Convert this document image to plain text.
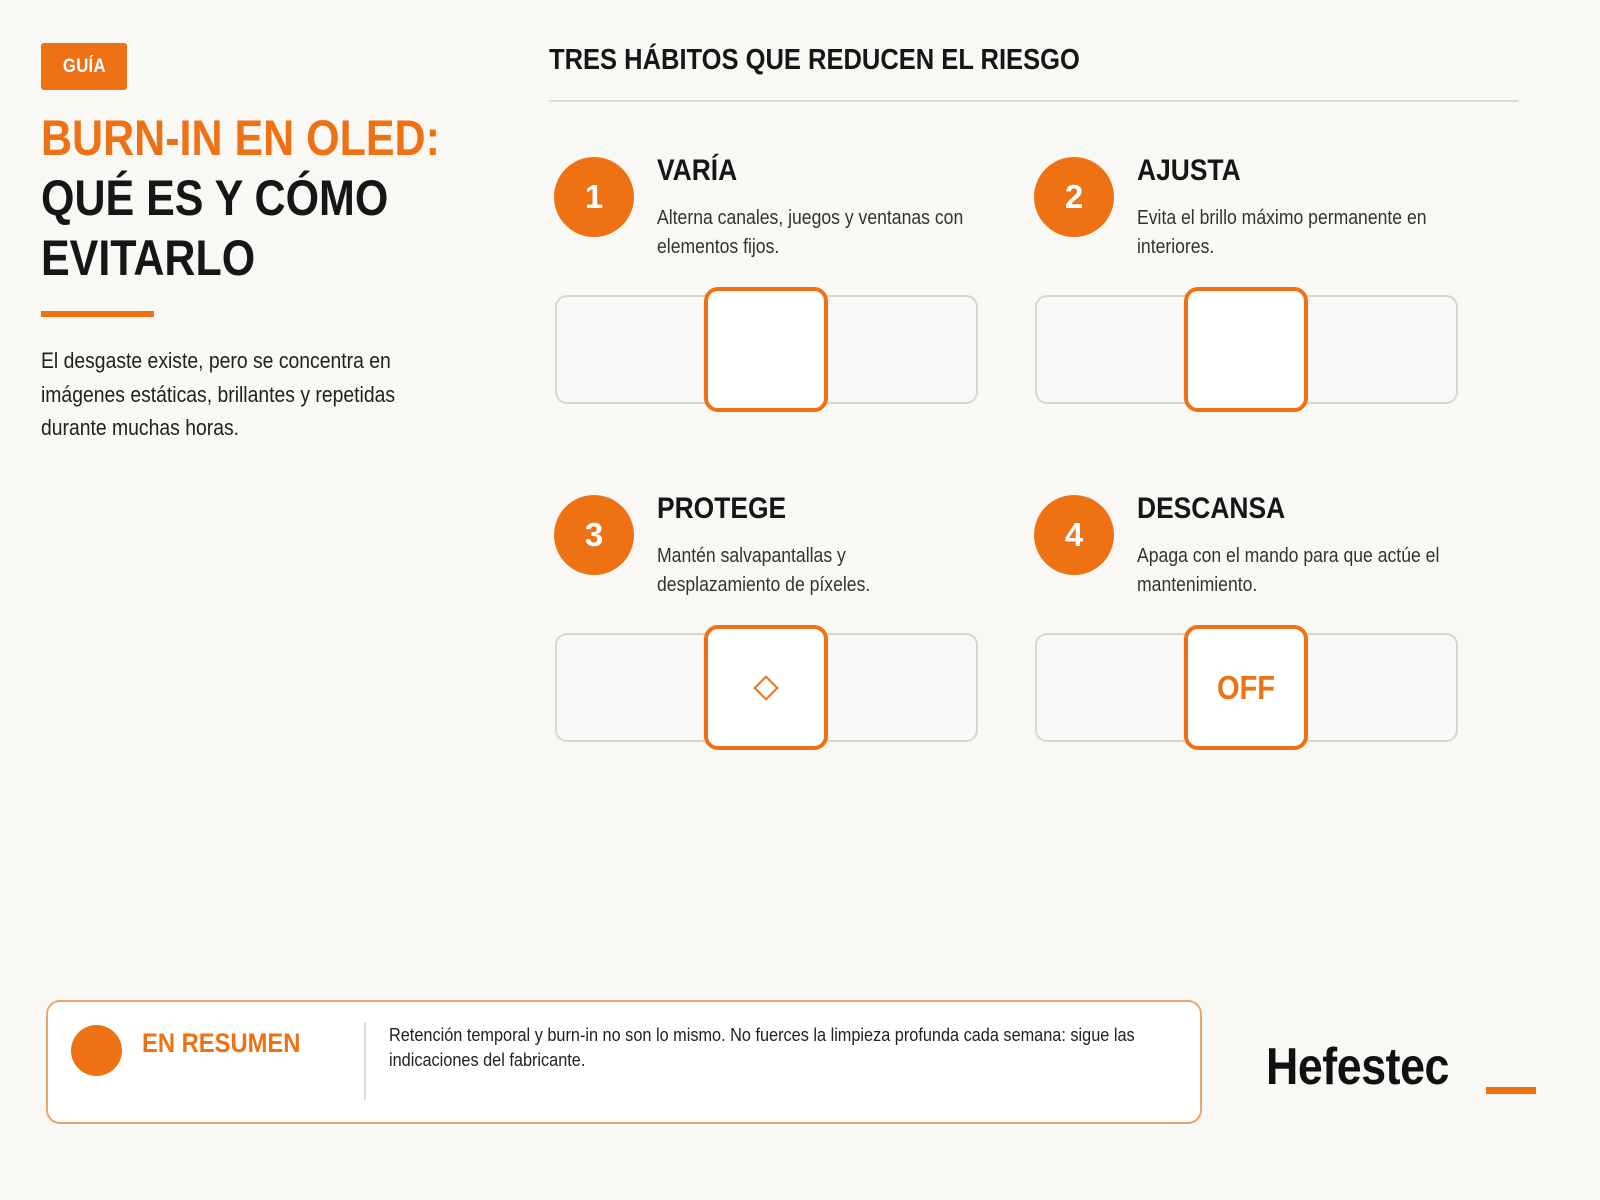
GUÍA
BURN-IN EN OLED:
QUÉ ES Y CÓMO
EVITARLO
El desgaste existe, pero se concentra en imágenes estáticas, brillantes y repetidas durante muchas horas.
TRES HÁBITOS QUE REDUCEN EL RIESGO
1
VARÍA
Alterna canales, juegos y ventanas con elementos fijos.
2
AJUSTA
Evita el brillo máximo permanente en interiores.
3
PROTEGE
Mantén salvapantallas y desplazamiento de píxeles.
4
DESCANSA
Apaga con el mando para que actúe el mantenimiento.
OFF
EN RESUMEN	Retención temporal y burn-in no son lo mismo. No fuerces la limpieza profunda cada semana: sigue las indicaciones del fabricante.	Hefestec
